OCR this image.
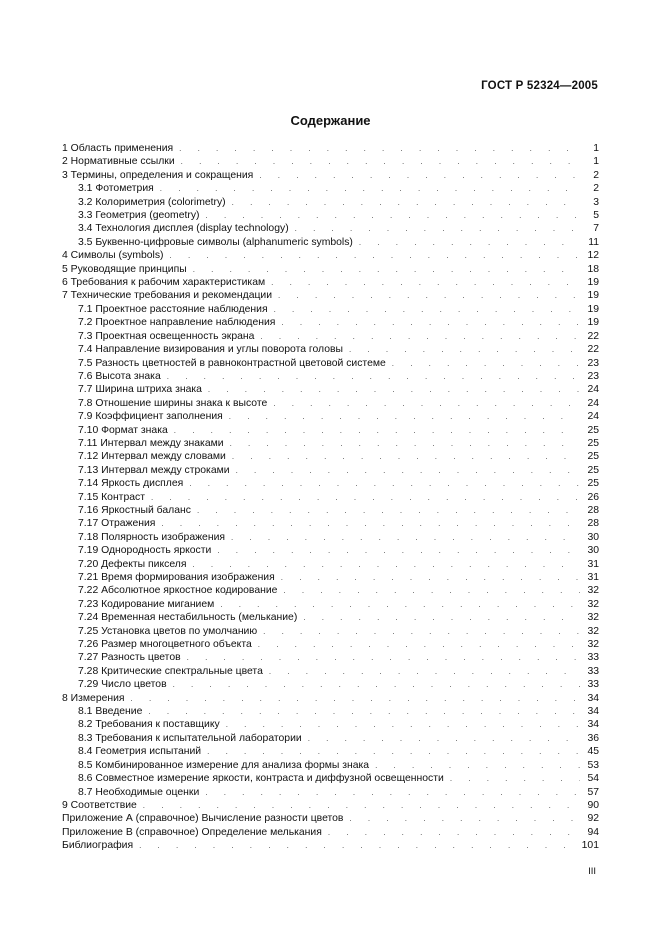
ГОСТ Р 52324—2005
Содержание
1 Область применения . . .	1
2 Нормативные ссылки . . .	1
3 Термины, определения и сокращения . . .	2
3.1 Фотометрия . . .	2
3.2 Колориметрия (colorimetry) . . .	3
3.3 Геометрия (geometry) . . .	5
3.4 Технология дисплея (display technology) . . .	7
3.5 Буквенно-цифровые символы (alphanumeric symbols) . . .	11
4 Символы (symbols) . . .	12
5 Руководящие принципы . . .	18
6 Требования к рабочим характеристикам . . .	19
7 Технические требования и рекомендации . . .	19
7.1 Проектное расстояние наблюдения . . .	19
7.2 Проектное направление наблюдения . . .	19
7.3 Проектная освещенность экрана . . .	22
7.4 Направление визирования и углы поворота головы . . .	22
7.5 Разность цветностей в равноконтрастной цветовой системе . . .	23
7.6 Высота знака . . .	23
7.7 Ширина штриха знака . . .	24
7.8 Отношение ширины знака к высоте . . .	24
7.9 Коэффициент заполнения . . .	24
7.10 Формат знака . . .	25
7.11 Интервал между знаками . . .	25
7.12 Интервал между словами . . .	25
7.13 Интервал между строками . . .	25
7.14 Яркость дисплея . . .	25
7.15 Контраст . . .	26
7.16 Яркостный баланс . . .	28
7.17 Отражения . . .	28
7.18 Полярность изображения . . .	30
7.19 Однородность яркости . . .	30
7.20 Дефекты пикселя . . .	31
7.21 Время формирования изображения . . .	31
7.22 Абсолютное яркостное кодирование . . .	32
7.23 Кодирование миганием . . .	32
7.24 Временная нестабильность (мелькание) . . .	32
7.25 Установка цветов по умолчанию . . .	32
7.26 Размер многоцветного объекта . . .	32
7.27 Разность цветов . . .	33
7.28 Критические спектральные цвета . . .	33
7.29 Число цветов . . .	33
8 Измерения . . .	34
8.1 Введение . . .	34
8.2 Требования к поставщику . . .	34
8.3 Требования к испытательной лаборатории . . .	36
8.4 Геометрия испытаний . . .	45
8.5 Комбинированное измерение для анализа формы знака . . .	53
8.6 Совместное измерение яркости, контраста и диффузной освещенности . . .	54
8.7 Необходимые оценки . . .	57
9 Соответствие . . .	90
Приложение А (справочное) Вычисление разности цветов . . .	92
Приложение В (справочное) Определение мелькания . . .	94
Библиография . . .	101
III
